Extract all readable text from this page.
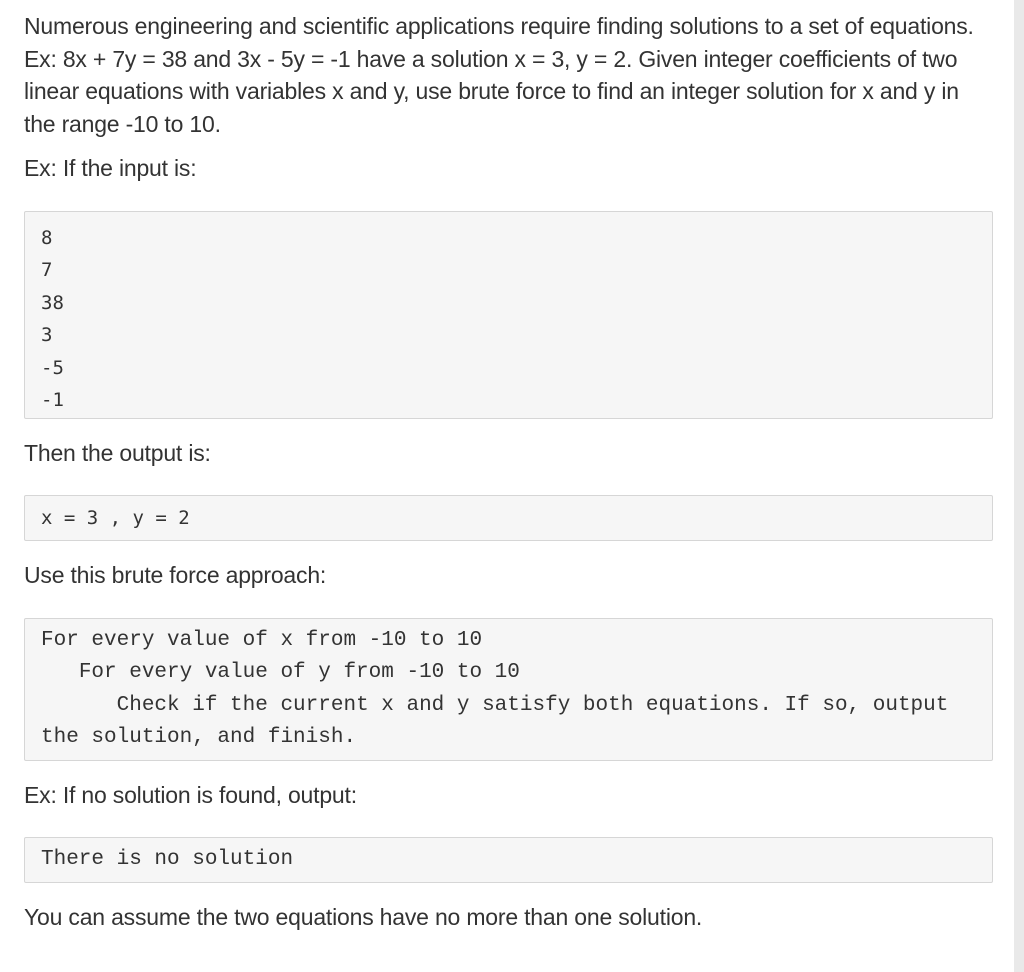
Numerous engineering and scientific applications require finding solutions to a set of equations. Ex: 8x + 7y = 38 and 3x - 5y = -1 have a solution x = 3, y = 2. Given integer coefficients of two linear equations with variables x and y, use brute force to find an integer solution for x and y in the range -10 to 10.

Ex: If the input is:

8
7
38
3
-5
-1

Then the output is:

x = 3 , y = 2

Use this brute force approach:

For every value of x from -10 to 10
For every value of y from -10 to 10
Check if the current x and y satisfy both equations. If so, output the solution, and finish.

Ex: If no solution is found, output:

There is no solution

You can assume the two equations have no more than one solution.
